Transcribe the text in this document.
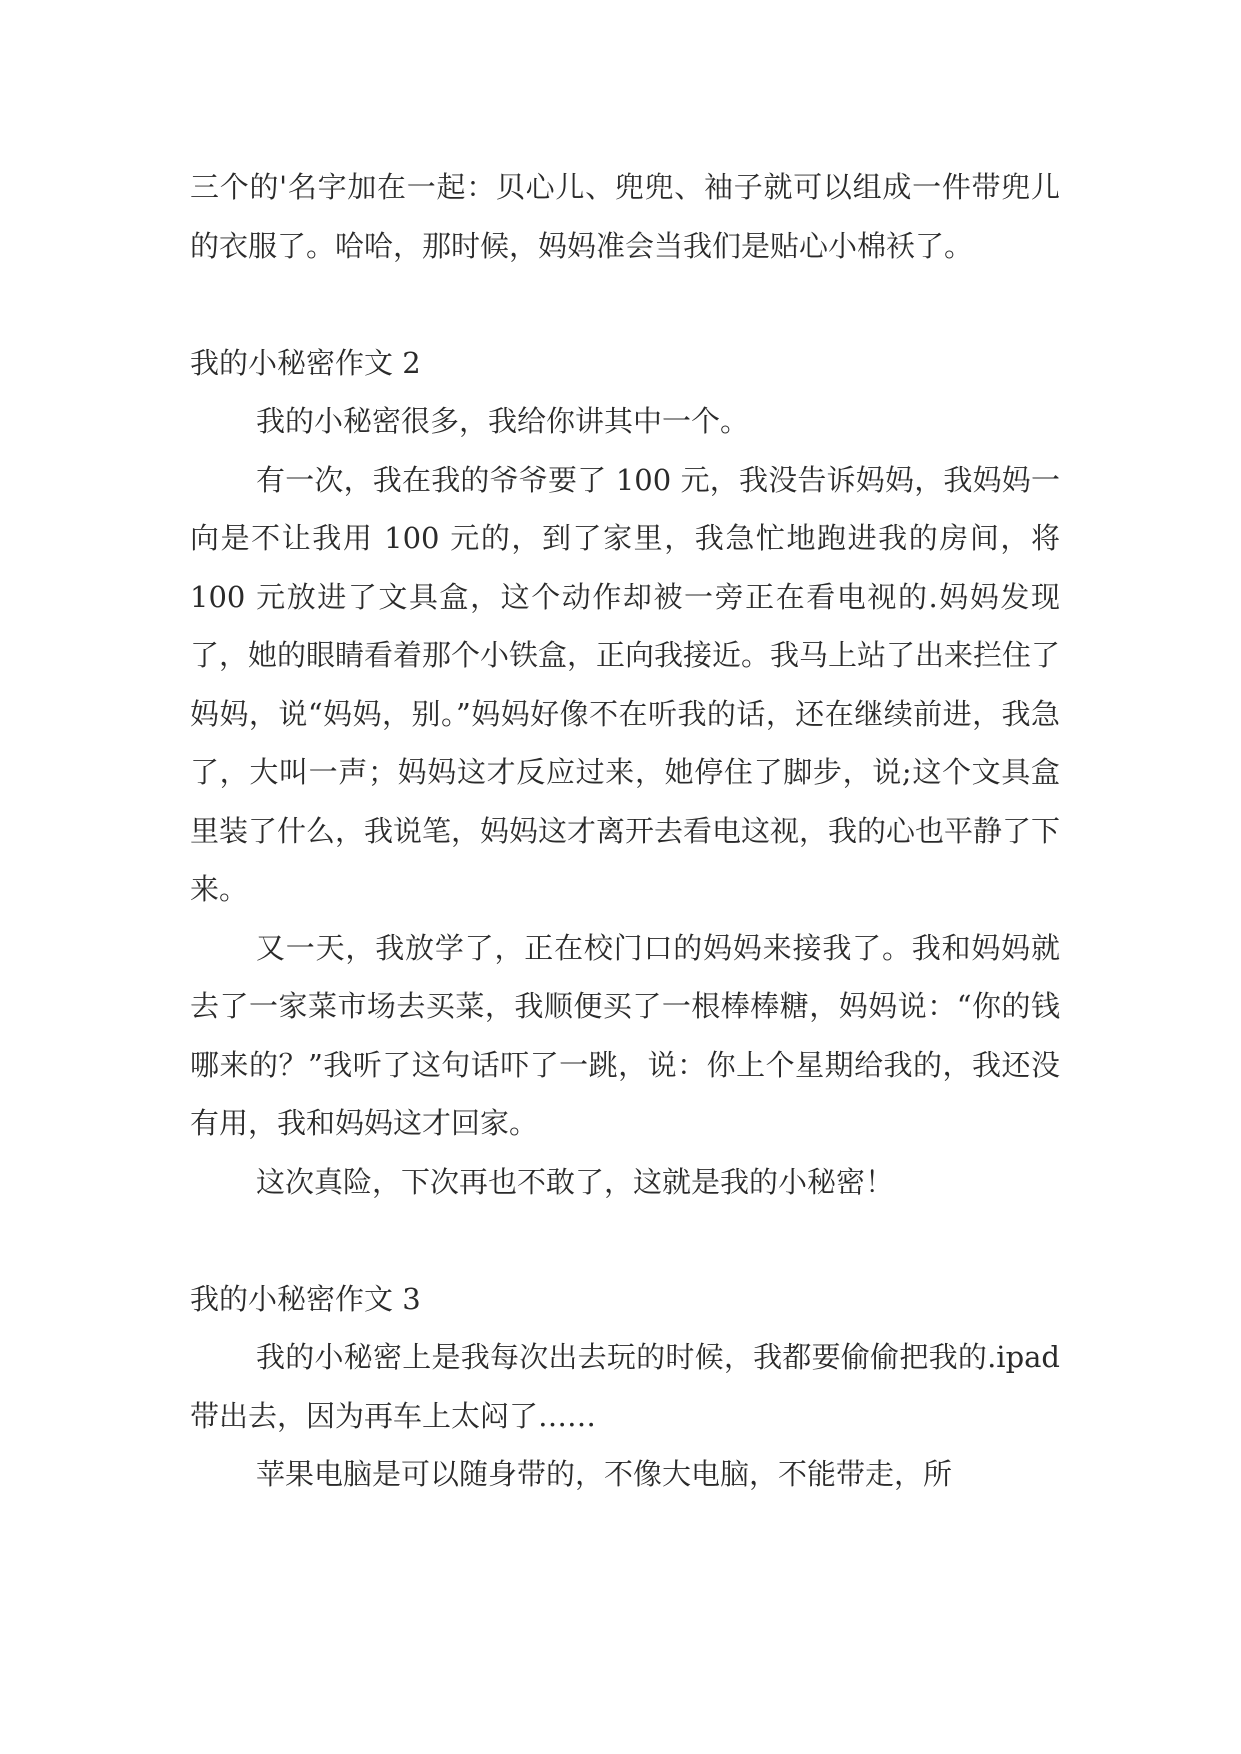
三个的'名字加在一起：贝心儿、兜兜、袖子就可以组成一件带兜儿的衣服了。哈哈，那时候，妈妈准会当我们是贴心小棉袄了。

我的小秘密作文 2

我的小秘密很多，我给你讲其中一个。

有一次，我在我的爷爷要了 100 元，我没告诉妈妈，我妈妈一向是不让我用 100 元的，到了家里，我急忙地跑进我的房间，将 100 元放进了文具盒，这个动作却被一旁正在看电视的.妈妈发现了，她的眼睛看着那个小铁盒，正向我接近。我马上站了出来拦住了妈妈，说“妈妈，别。”妈妈好像不在听我的话，还在继续前进，我急了，大叫一声；妈妈这才反应过来，她停住了脚步，说;这个文具盒里装了什么，我说笔，妈妈这才离开去看电这视，我的心也平静了下来。

又一天，我放学了，正在校门口的妈妈来接我了。我和妈妈就去了一家菜市场去买菜，我顺便买了一根棒棒糖，妈妈说：“你的钱哪来的？”我听了这句话吓了一跳，说：你上个星期给我的，我还没有用，我和妈妈这才回家。

这次真险，下次再也不敢了，这就是我的小秘密！

我的小秘密作文 3

我的小秘密上是我每次出去玩的时候，我都要偷偷把我的.ipad 带出去，因为再车上太闷了……

苹果电脑是可以随身带的，不像大电脑，不能带走，所
